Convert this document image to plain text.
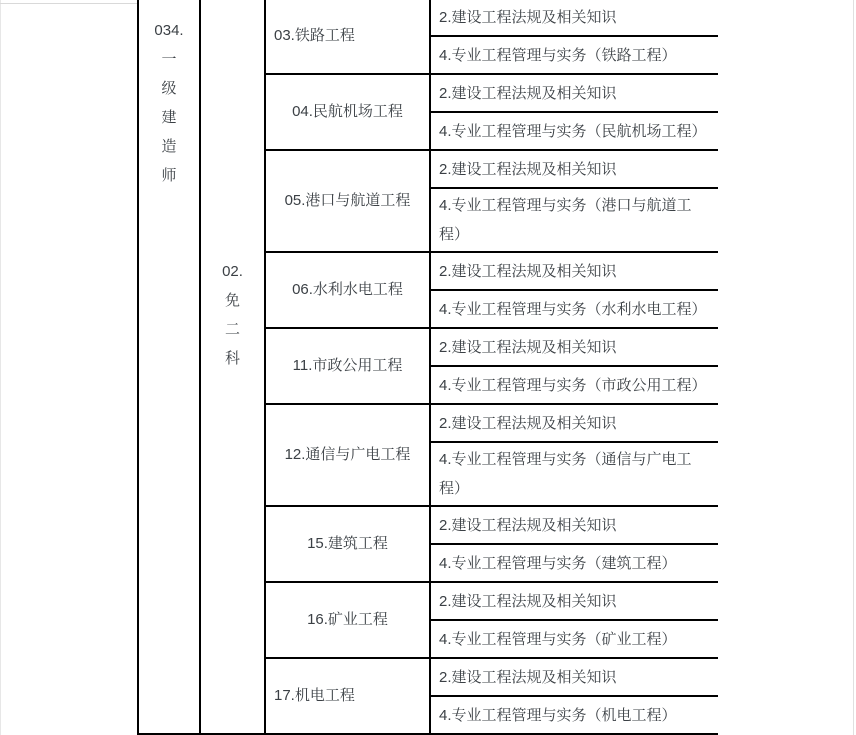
034.
一
级
建
造
师
02.
免
二
科
03.铁路工程
2.建设工程法规及相关知识
4.专业工程管理与实务（铁路工程）
04.民航机场工程
2.建设工程法规及相关知识
4.专业工程管理与实务（民航机场工程）
05.港口与航道工程
2.建设工程法规及相关知识
4.专业工程管理与实务（港口与航道工程）
06.水利水电工程
2.建设工程法规及相关知识
4.专业工程管理与实务（水利水电工程）
11.市政公用工程
2.建设工程法规及相关知识
4.专业工程管理与实务（市政公用工程）
12.通信与广电工程
2.建设工程法规及相关知识
4.专业工程管理与实务（通信与广电工程）
15.建筑工程
2.建设工程法规及相关知识
4.专业工程管理与实务（建筑工程）
16.矿业工程
2.建设工程法规及相关知识
4.专业工程管理与实务（矿业工程）
17.机电工程
2.建设工程法规及相关知识
4.专业工程管理与实务（机电工程）
